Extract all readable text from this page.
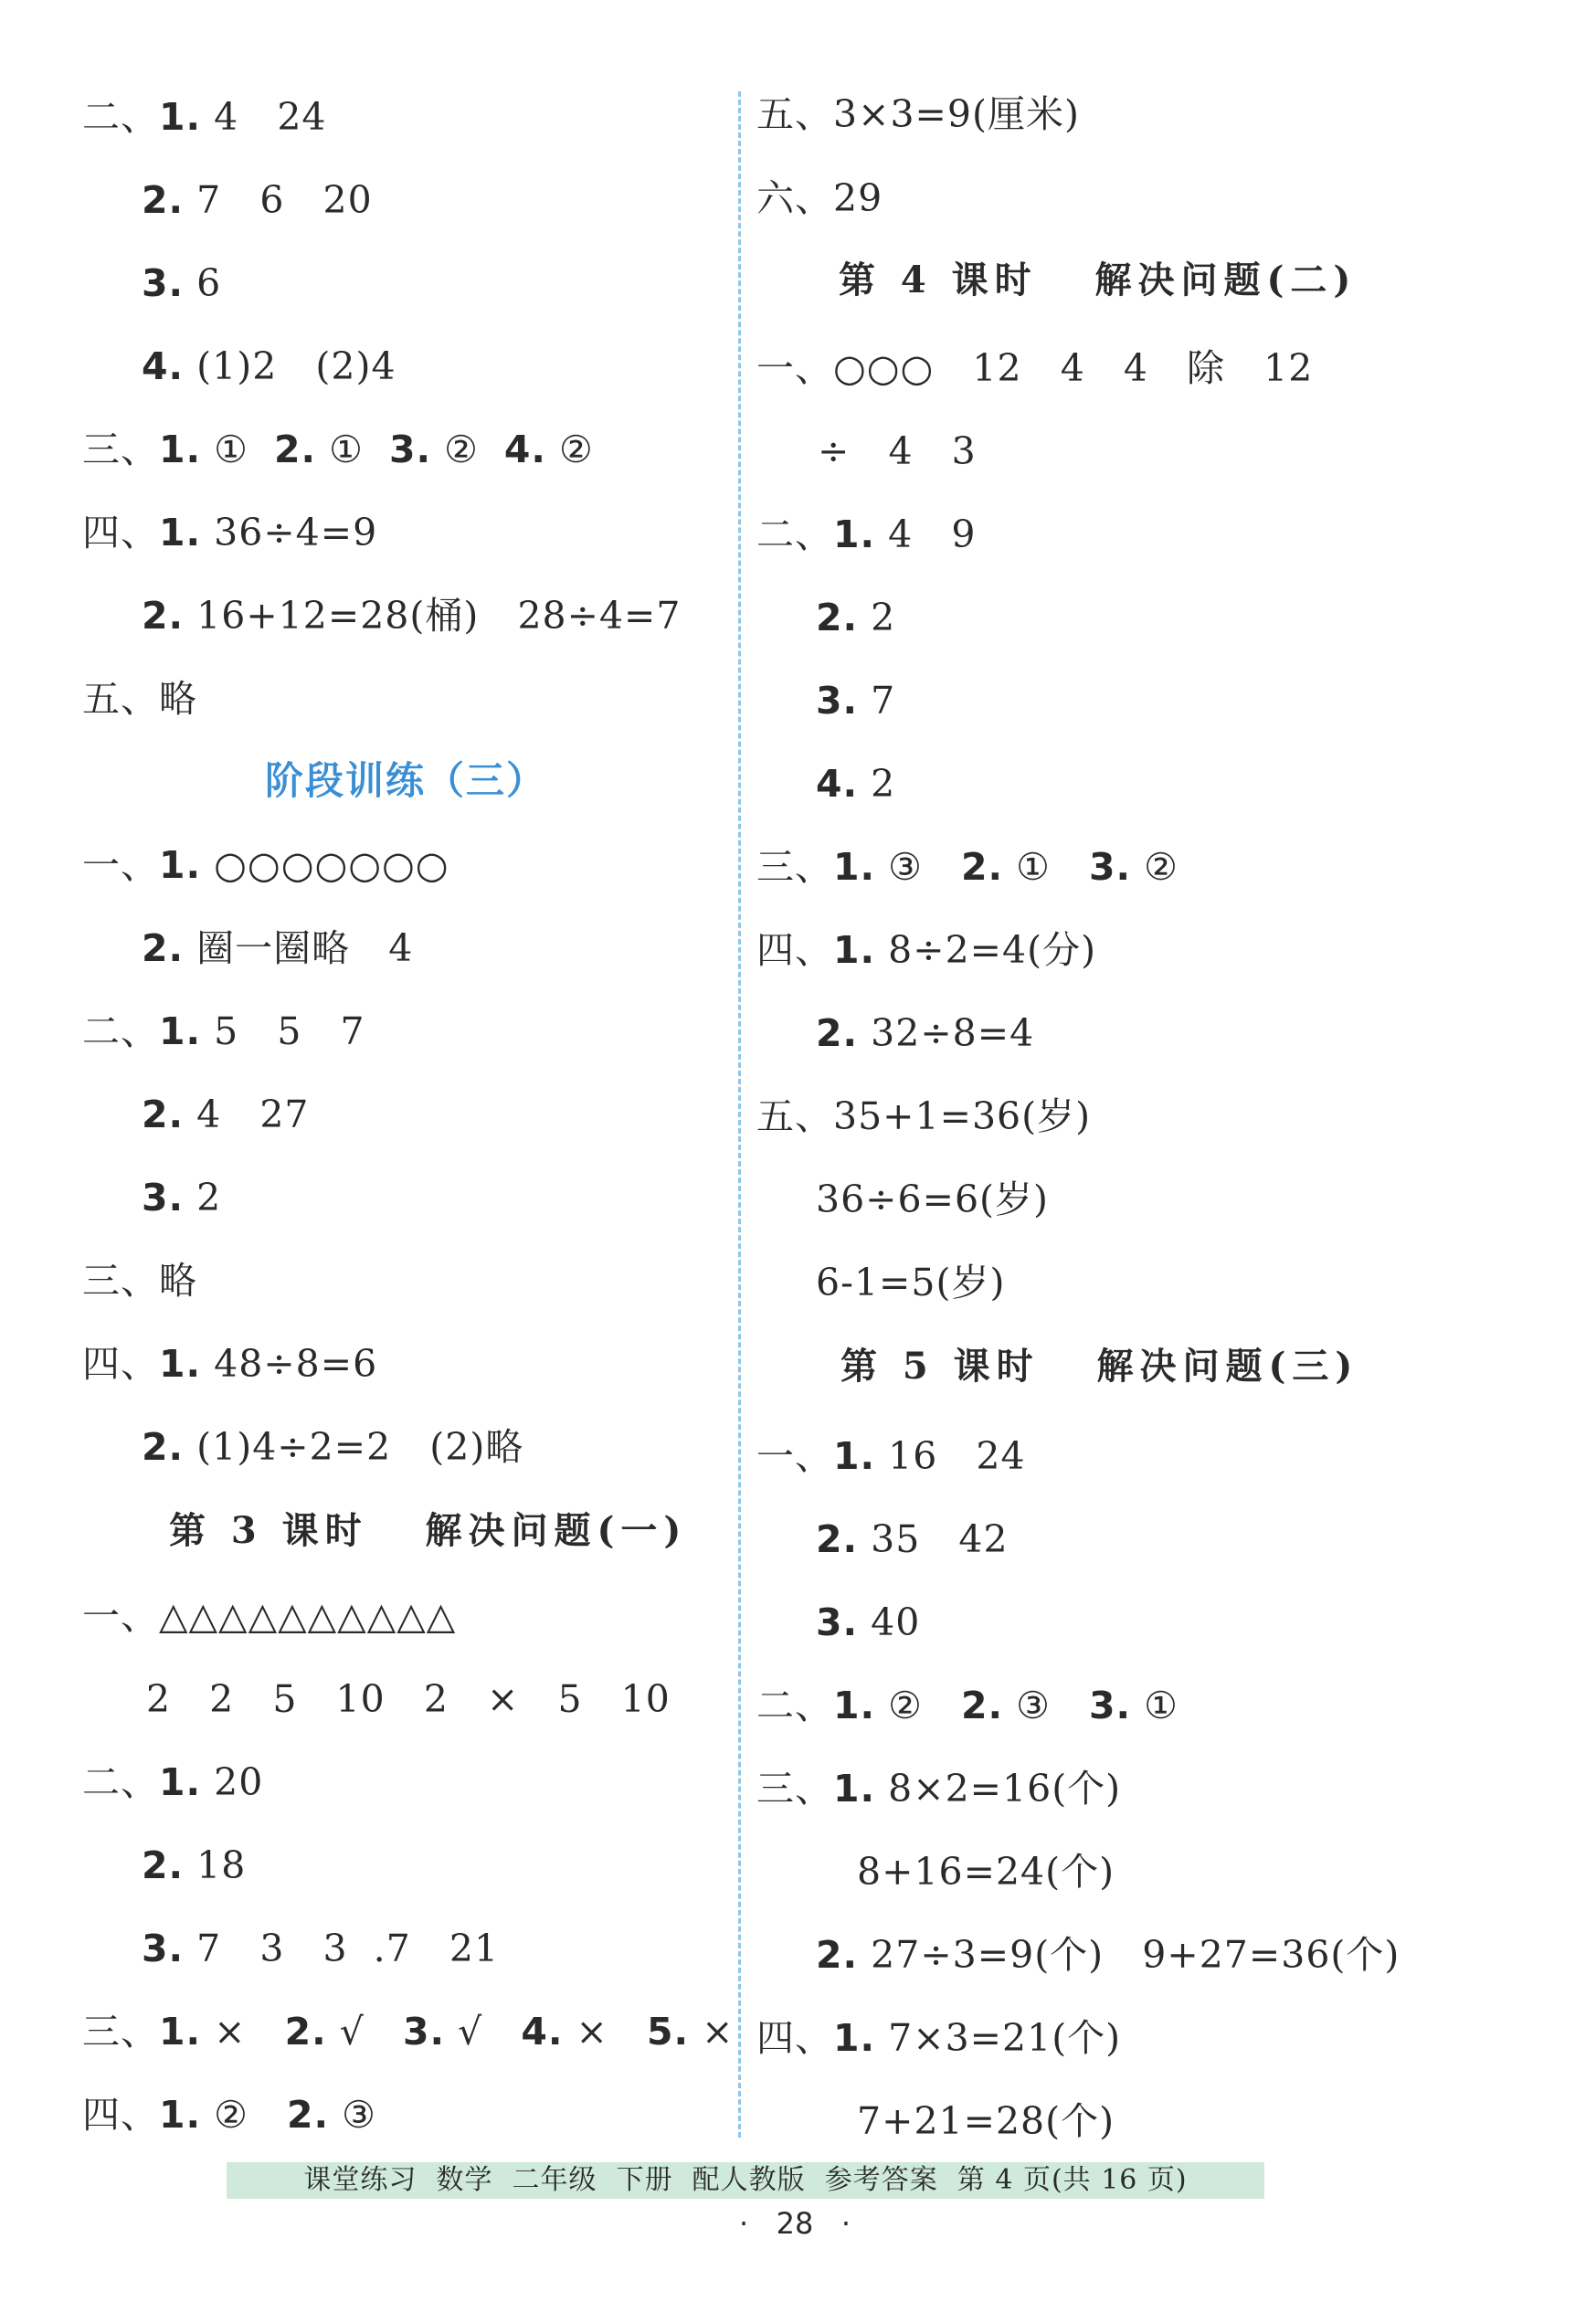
二、1. 4   24
2. 7   6   20
3. 6
4. (1)2   (2)4
三、1. ①  2. ①  3. ②  4. ②
四、1. 36÷4=9
2. 16+12=28(桶)   28÷4=7
五、略
阶段训练（三）
一、1. ○○○○○○○
2. 圈一圈略   4
二、1. 5   5   7
2. 4   27
3. 2
三、略
四、1. 48÷8=6
2. (1)4÷2=2   (2)略
第 3 课时   解决问题(一)
一、△△△△△△△△△△
2   2   5   10   2   ×   5   10
二、1. 20
2. 18
3. 7   3   3  .7   21
三、1. ×   2. √   3. √   4. ×   5. ×
四、1. ②   2. ③
五、3×3=9(厘米)
六、29
第 4 课时   解决问题(二)
一、○○○   12   4   4   除   12
÷   4   3
二、1. 4   9
2. 2
3. 7
4. 2
三、1. ③   2. ①   3. ②
四、1. 8÷2=4(分)
2. 32÷8=4
五、35+1=36(岁)
36÷6=6(岁)
6-1=5(岁)
第 5 课时   解决问题(三)
一、1. 16   24
2. 35   42
3. 40
二、1. ②   2. ③   3. ①
三、1. 8×2=16(个)
8+16=24(个)
2. 27÷3=9(个)   9+27=36(个)
四、1. 7×3=21(个)
7+21=28(个)
课堂练习  数学  二年级  下册  配人教版  参考答案  第 4 页(共 16 页)
·   28   ·
